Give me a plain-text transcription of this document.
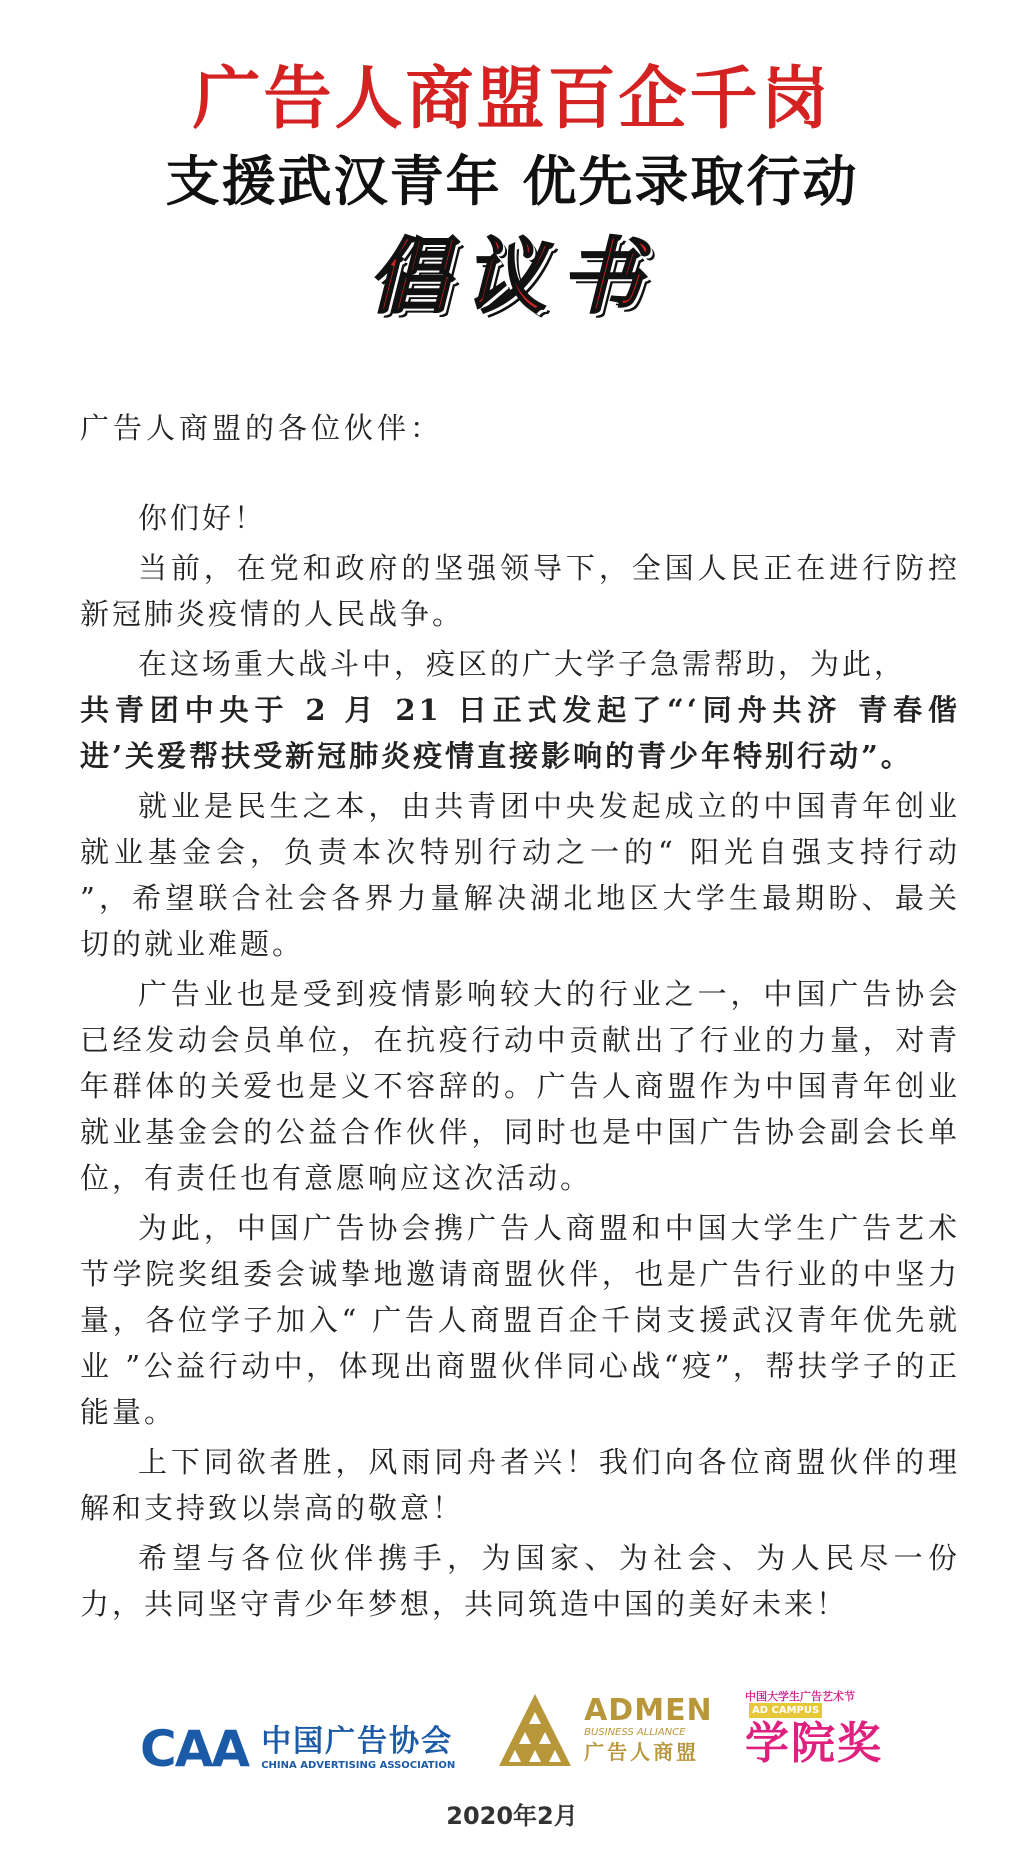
广告人商盟百企千岗
支援武汉青年 优先录取行动
倡议书
广告人商盟的各位伙伴：

你们好！

当前，在党和政府的坚强领导下，全国人民正在进行防控新冠肺炎疫情的人民战争。

在这场重大战斗中，疫区的广大学子急需帮助，为此，

共青团中央于 2 月 21 日正式发起了“‘同舟共济 青春偕进’关爱帮扶受新冠肺炎疫情直接影响的青少年特别行动”。

就业是民生之本，由共青团中央发起成立的中国青年创业就业基金会，负责本次特别行动之一的“ 阳光自强支持行动 ”，希望联合社会各界力量解决湖北地区大学生最期盼、最关切的就业难题。

广告业也是受到疫情影响较大的行业之一，中国广告协会已经发动会员单位，在抗疫行动中贡献出了行业的力量，对青年群体的关爱也是义不容辞的。广告人商盟作为中国青年创业就业基金会的公益合作伙伴，同时也是中国广告协会副会长单位，有责任也有意愿响应这次活动。

为此，中国广告协会携广告人商盟和中国大学生广告艺术节学院奖组委会诚挚地邀请商盟伙伴，也是广告行业的中坚力量，各位学子加入“ 广告人商盟百企千岗支援武汉青年优先就业 ”公益行动中，体现出商盟伙伴同心战“疫”，帮扶学子的正能量。

上下同欲者胜，风雨同舟者兴！我们向各位商盟伙伴的理解和支持致以崇高的敬意！

希望与各位伙伴携手，为国家、为社会、为人民尽一份力，共同坚守青少年梦想，共同筑造中国的美好未来！

CAA 中国广告协会
CHINA ADVERTISING ASSOCIATION

ADMEN
BUSINESS ALLIANCE
广告人商盟
中国大学生广告艺术节 AD CAMPUS
学院奖
2020年2月
